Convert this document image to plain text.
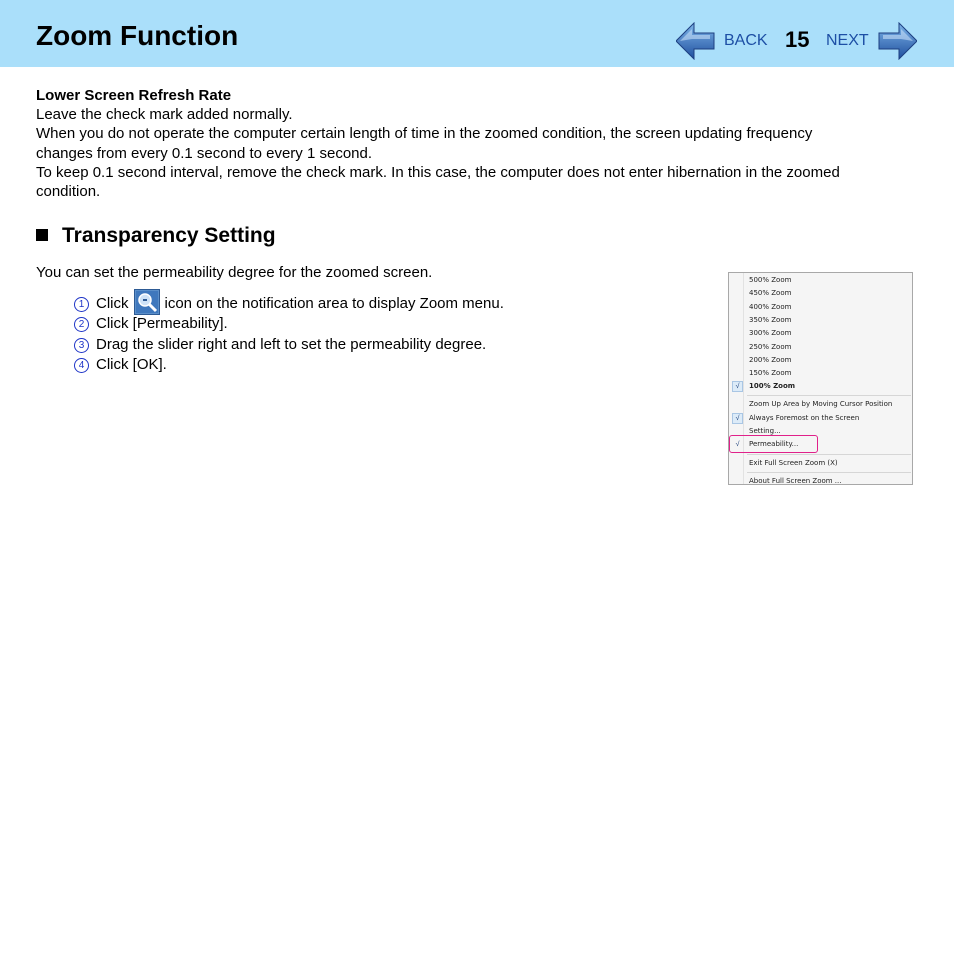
Zoom Function	BACK 15 NEXT
Lower Screen Refresh Rate
Leave the check mark added normally.
When you do not operate the computer certain length of time in the zoomed condition, the screen updating frequency
changes from every 0.1 second to every 1 second.
To keep 0.1 second interval, remove the check mark. In this case, the computer does not enter hibernation in the zoomed
condition.
Transparency Setting
You can set the permeability degree for the zoomed screen.
1 Click icon on the notification area to display Zoom menu.
2 Click [Permeability].
3 Drag the slider right and left to set the permeability degree.
4 Click [OK].
500% Zoom
450% Zoom
400% Zoom
350% Zoom
300% Zoom
250% Zoom
200% Zoom
150% Zoom
√	100% Zoom
Zoom Up Area by Moving Cursor Position
√	Always Foremost on the Screen
Setting...
√	Permeability...
Exit Full Screen Zoom (X)
About Full Screen Zoom ...
